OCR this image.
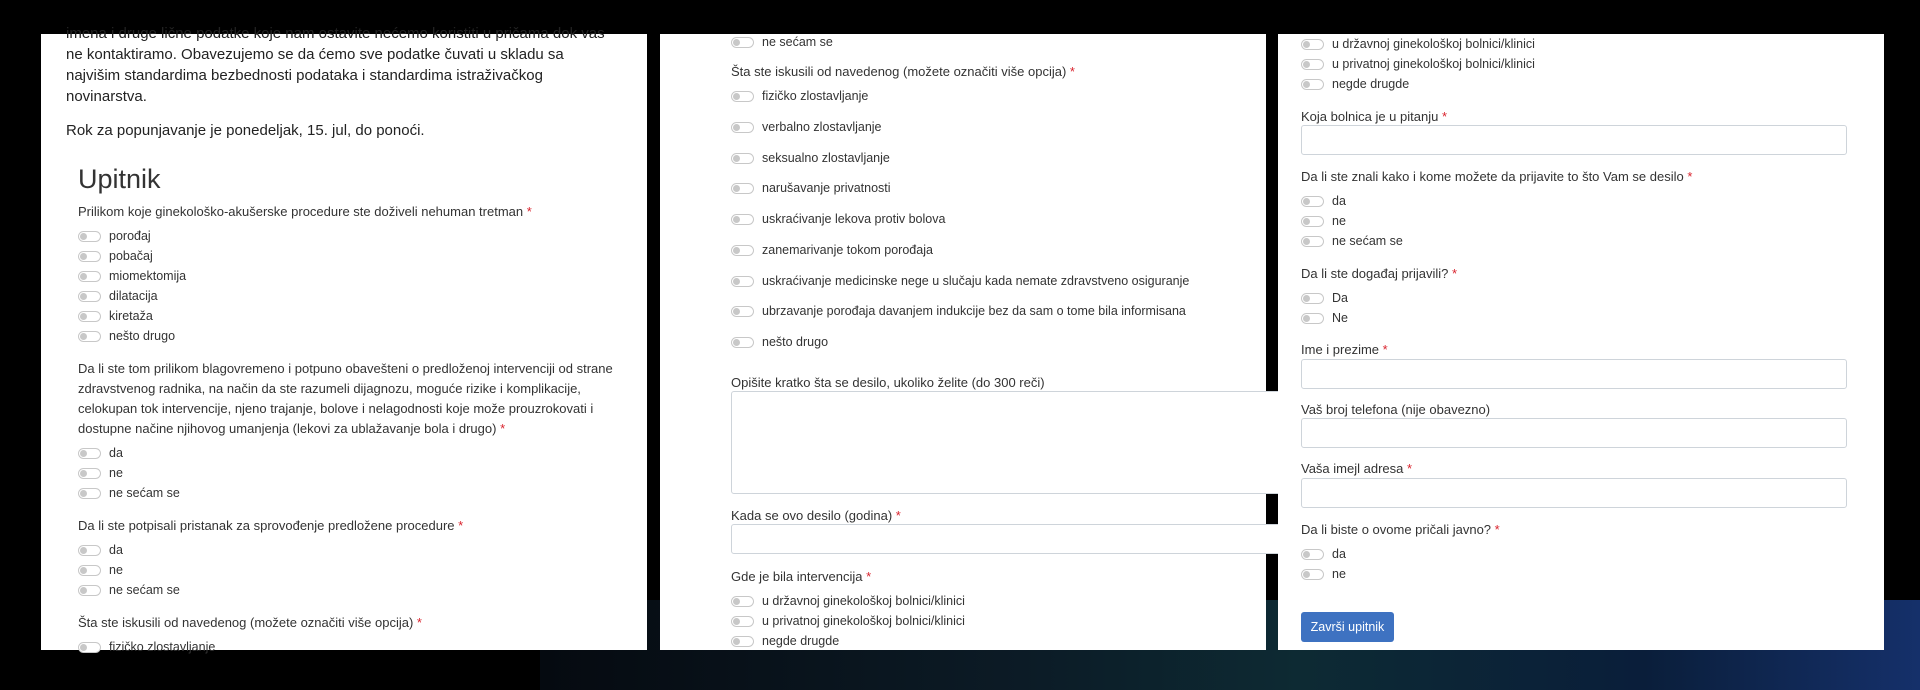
imena i druge lične podatke koje nam ostavite nećemo koristiti u pričama dok vas

ne kontaktiramo. Obavezujemo se da ćemo sve podatke čuvati u skladu sa

najvišim standardima bezbednosti podataka i standardima istraživačkog

novinarstva.

Rok za popunjavanje je ponedeljak, 15. jul, do ponoći.
Upitnik
Prilikom koje ginekološko-akušerske procedure ste doživeli nehuman tretman *
porođaj
pobačaj
miomektomija
dilatacija
kiretaža
nešto drugo
Da li ste tom prilikom blagovremeno i potpuno obavešteni o predloženoj intervenciji od strane
zdravstvenog radnika, na način da ste razumeli dijagnozu, moguće rizike i komplikacije,
celokupan tok intervencije, njeno trajanje, bolove i nelagodnosti koje može prouzrokovati i
dostupne načine njihovog umanjenja (lekovi za ublažavanje bola i drugo) *
da
ne
ne sećam se
Da li ste potpisali pristanak za sprovođenje predložene procedure *
da
ne
ne sećam se
Šta ste iskusili od navedenog (možete označiti više opcija) *
fizičko zlostavljanje
ne sećam se
Šta ste iskusili od navedenog (možete označiti više opcija) *
fizičko zlostavljanje
verbalno zlostavljanje
seksualno zlostavljanje
narušavanje privatnosti
uskraćivanje lekova protiv bolova
zanemarivanje tokom porođaja
uskraćivanje medicinske nege u slučaju kada nemate zdravstveno osiguranje
ubrzavanje porođaja davanjem indukcije bez da sam o tome bila informisana
nešto drugo
Opišite kratko šta se desilo, ukoliko želite (do 300 reči)
Kada se ovo desilo (godina) *
Gde je bila intervencija *
u državnoj ginekološkoj bolnici/klinici
u privatnoj ginekološkoj bolnici/klinici
negde drugde
u državnoj ginekološkoj bolnici/klinici
u privatnoj ginekološkoj bolnici/klinici
negde drugde
Koja bolnica je u pitanju *
Da li ste znali kako i kome možete da prijavite to što Vam se desilo *
da
ne
ne sećam se
Da li ste događaj prijavili? *
Da
Ne
Ime i prezime *
Vaš broj telefona (nije obavezno)
Vaša imejl adresa *
Da li biste o ovome pričali javno? *
da
ne
Završi upitnik
